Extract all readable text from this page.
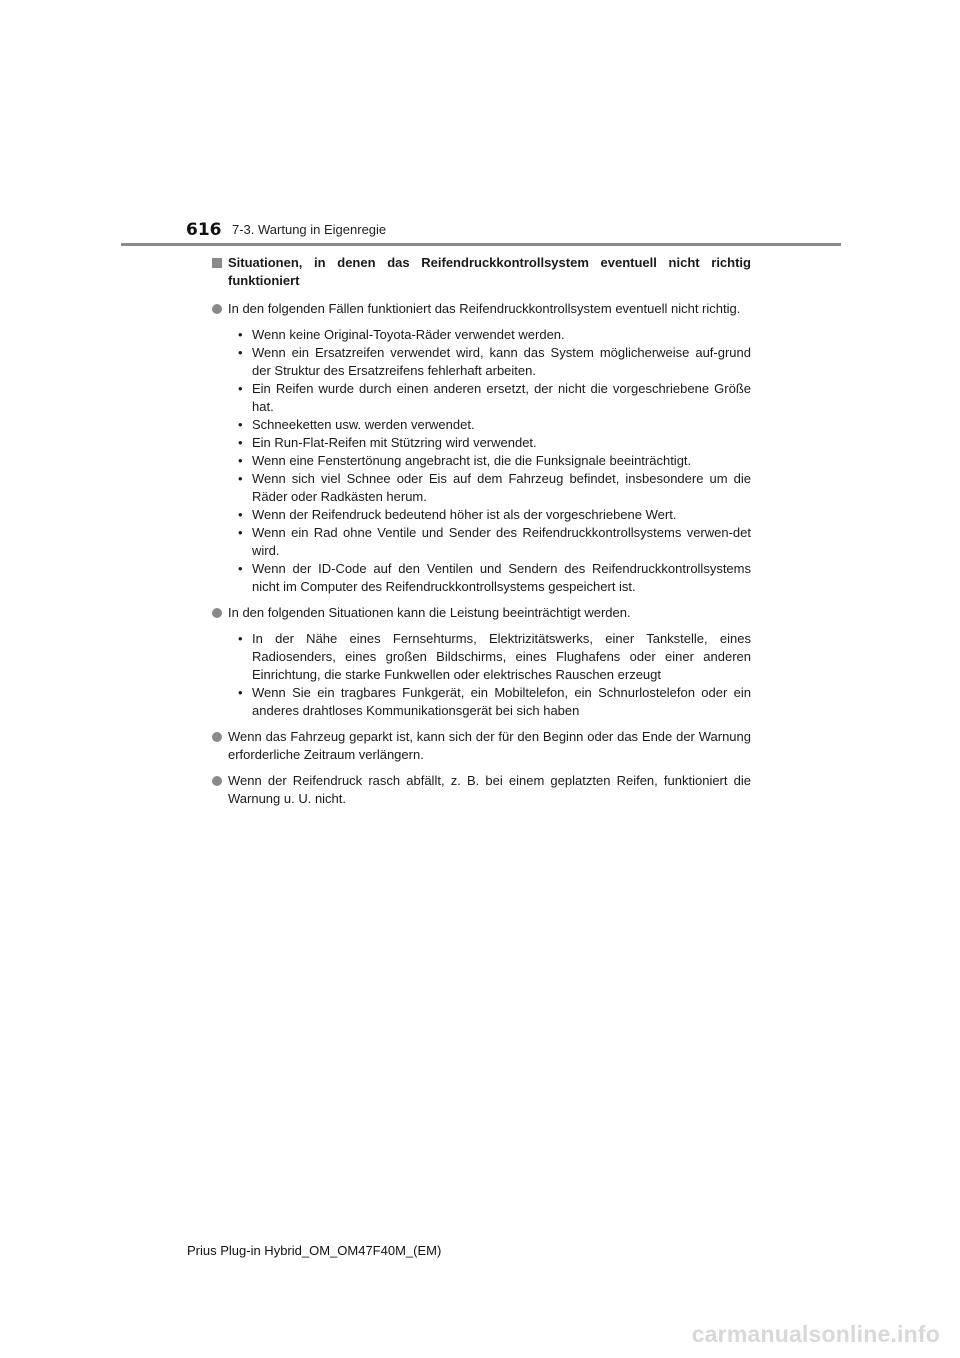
616 7-3. Wartung in Eigenregie
Situationen, in denen das Reifendruckkontrollsystem eventuell nicht richtig funktioniert
In den folgenden Fällen funktioniert das Reifendruckkontrollsystem eventuell nicht richtig.
• Wenn keine Original-Toyota-Räder verwendet werden.
• Wenn ein Ersatzreifen verwendet wird, kann das System möglicherweise auf-grund der Struktur des Ersatzreifens fehlerhaft arbeiten.
• Ein Reifen wurde durch einen anderen ersetzt, der nicht die vorgeschriebene Größe hat.
• Schneeketten usw. werden verwendet.
• Ein Run-Flat-Reifen mit Stützring wird verwendet.
• Wenn eine Fenstertönung angebracht ist, die die Funksignale beeinträchtigt.
• Wenn sich viel Schnee oder Eis auf dem Fahrzeug befindet, insbesondere um die Räder oder Radkästen herum.
• Wenn der Reifendruck bedeutend höher ist als der vorgeschriebene Wert.
• Wenn ein Rad ohne Ventile und Sender des Reifendruckkontrollsystems verwen-det wird.
• Wenn der ID-Code auf den Ventilen und Sendern des Reifendruckkontrollsystems nicht im Computer des Reifendruckkontrollsystems gespeichert ist.
In den folgenden Situationen kann die Leistung beeinträchtigt werden.
• In der Nähe eines Fernsehturms, Elektrizitätswerks, einer Tankstelle, eines Radiosenders, eines großen Bildschirms, eines Flughafens oder einer anderen Einrichtung, die starke Funkwellen oder elektrisches Rauschen erzeugt
• Wenn Sie ein tragbares Funkgerät, ein Mobiltelefon, ein Schnurlostelefon oder ein anderes drahtloses Kommunikationsgerät bei sich haben
Wenn das Fahrzeug geparkt ist, kann sich der für den Beginn oder das Ende der Warnung erforderliche Zeitraum verlängern.
Wenn der Reifendruck rasch abfällt, z. B. bei einem geplatzten Reifen, funktioniert die Warnung u. U. nicht.
Prius Plug-in Hybrid_OM_OM47F40M_(EM)
carmanualsonline.info
